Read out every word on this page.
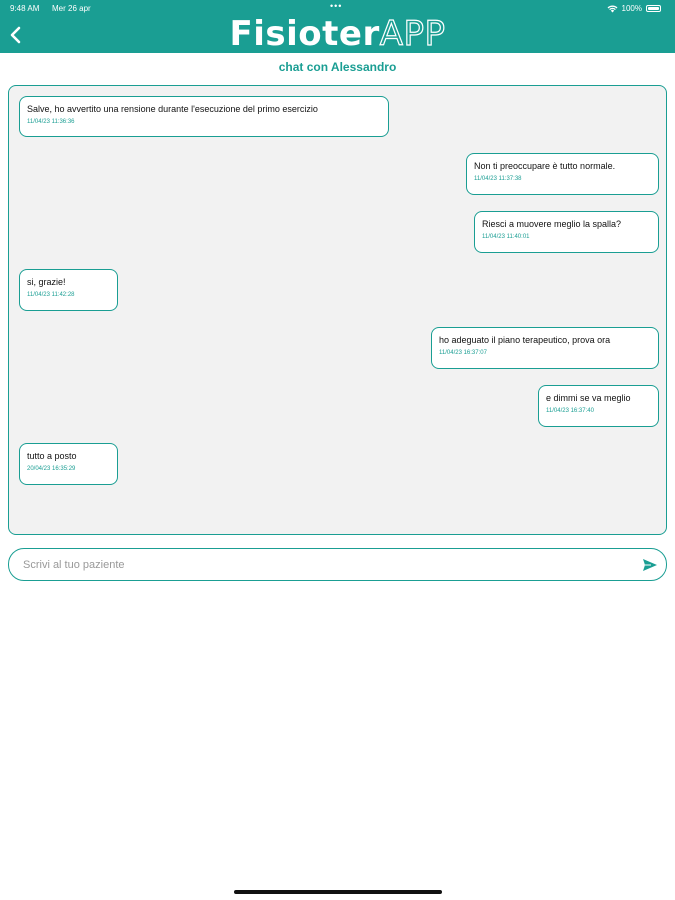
9:48 AM Mer 26 apr	•••	100%
FisioterAPP
chat con Alessandro
Salve, ho avvertito una rensione durante l'esecuzione del primo esercizio
11/04/23 11:36:36
Non ti preoccupare è tutto normale.
11/04/23 11:37:38
Riesci a muovere meglio la spalla?
11/04/23 11:40:01
si, grazie!
11/04/23 11:42:28
ho adeguato il piano terapeutico, prova ora
11/04/23 16:37:07
e dimmi se va meglio
11/04/23 16:37:40
tutto a posto
20/04/23 16:35:29
Scrivi al tuo paziente
